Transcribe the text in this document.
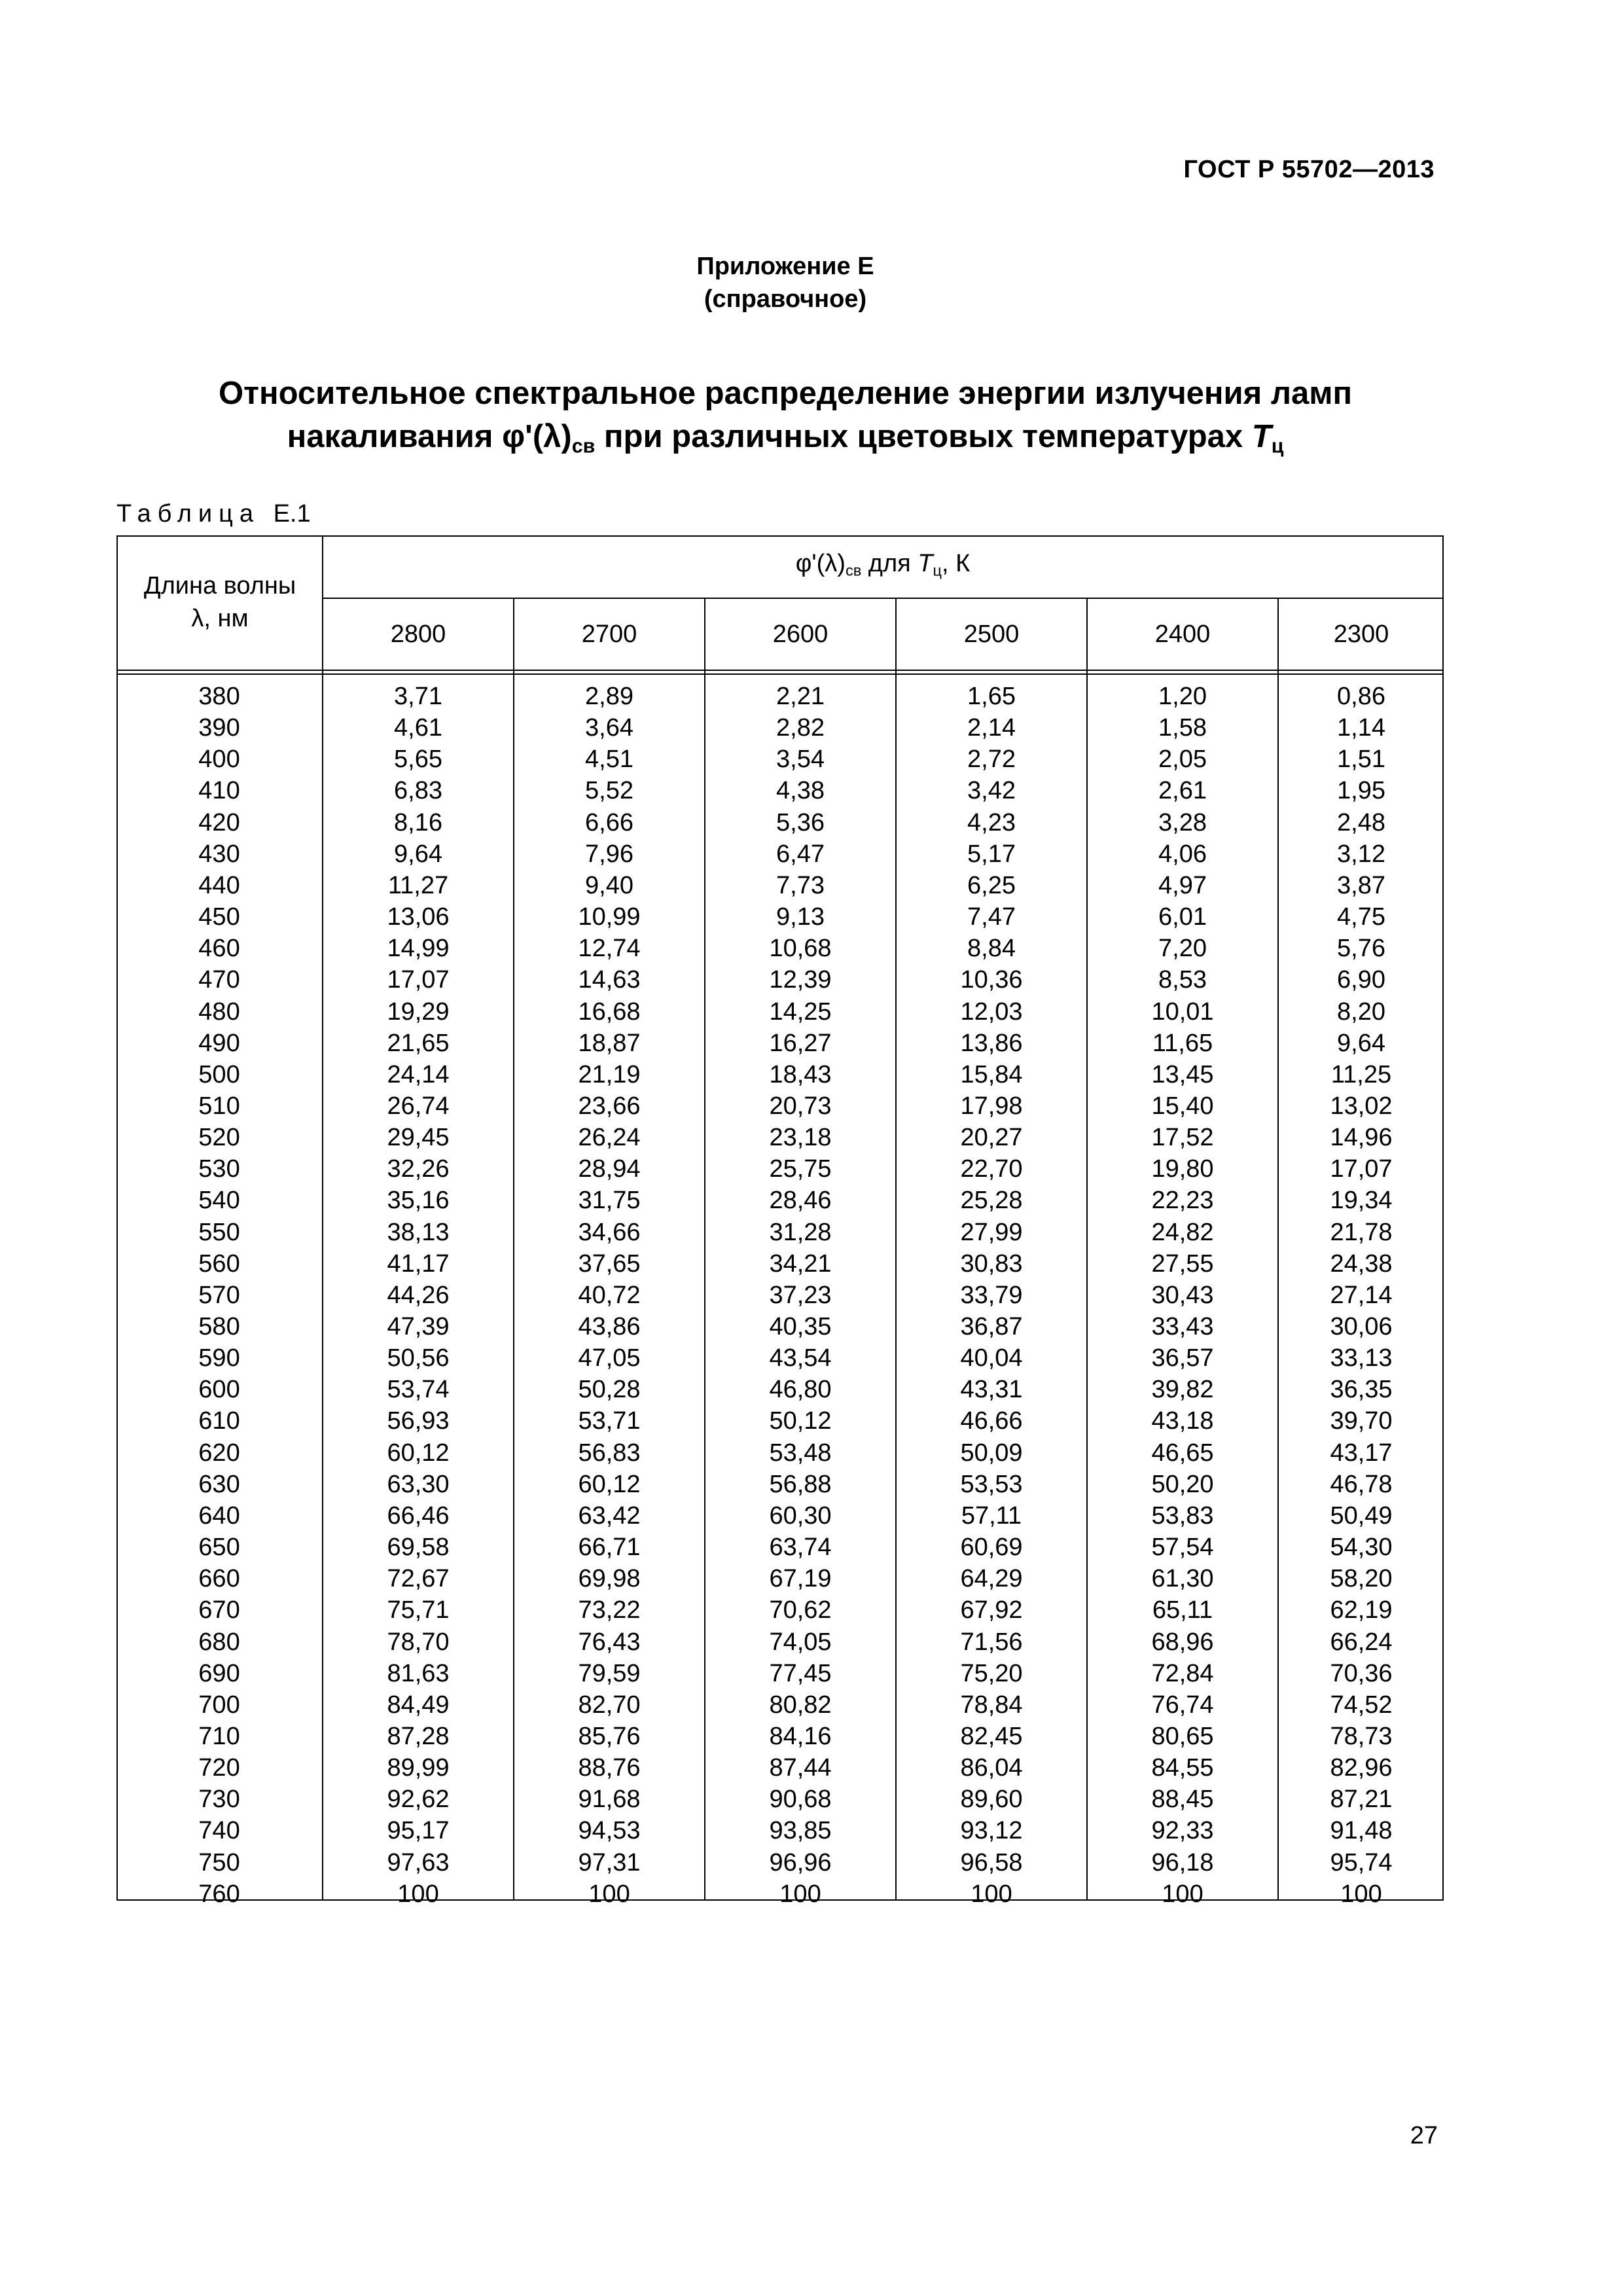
ГОСТ Р 55702—2013
Приложение Е
(справочное)
Относительное спектральное распределение энергии излучения ламп
накаливания $\varphi'(\lambda)_{св}$ при различных цветовых температурах $T_ц$
Таблица Е.1
Длина волны
λ, нм
$\varphi'(\lambda)_{св}$ для $T_ц$, К
2800	2700	2600	2500	2400	2300
380	3,71	2,89	2,21	1,65	1,20	0,86
390	4,61	3,64	2,82	2,14	1,58	1,14
400	5,65	4,51	3,54	2,72	2,05	1,51
410	6,83	5,52	4,38	3,42	2,61	1,95
420	8,16	6,66	5,36	4,23	3,28	2,48
430	9,64	7,96	6,47	5,17	4,06	3,12
440	11,27	9,40	7,73	6,25	4,97	3,87
450	13,06	10,99	9,13	7,47	6,01	4,75
460	14,99	12,74	10,68	8,84	7,20	5,76
470	17,07	14,63	12,39	10,36	8,53	6,90
480	19,29	16,68	14,25	12,03	10,01	8,20
490	21,65	18,87	16,27	13,86	11,65	9,64
500	24,14	21,19	18,43	15,84	13,45	11,25
510	26,74	23,66	20,73	17,98	15,40	13,02
520	29,45	26,24	23,18	20,27	17,52	14,96
530	32,26	28,94	25,75	22,70	19,80	17,07
540	35,16	31,75	28,46	25,28	22,23	19,34
550	38,13	34,66	31,28	27,99	24,82	21,78
560	41,17	37,65	34,21	30,83	27,55	24,38
570	44,26	40,72	37,23	33,79	30,43	27,14
580	47,39	43,86	40,35	36,87	33,43	30,06
590	50,56	47,05	43,54	40,04	36,57	33,13
600	53,74	50,28	46,80	43,31	39,82	36,35
610	56,93	53,71	50,12	46,66	43,18	39,70
620	60,12	56,83	53,48	50,09	46,65	43,17
630	63,30	60,12	56,88	53,53	50,20	46,78
640	66,46	63,42	60,30	57,11	53,83	50,49
650	69,58	66,71	63,74	60,69	57,54	54,30
660	72,67	69,98	67,19	64,29	61,30	58,20
670	75,71	73,22	70,62	67,92	65,11	62,19
680	78,70	76,43	74,05	71,56	68,96	66,24
690	81,63	79,59	77,45	75,20	72,84	70,36
700	84,49	82,70	80,82	78,84	76,74	74,52
710	87,28	85,76	84,16	82,45	80,65	78,73
720	89,99	88,76	87,44	86,04	84,55	82,96
730	92,62	91,68	90,68	89,60	88,45	87,21
740	95,17	94,53	93,85	93,12	92,33	91,48
750	97,63	97,31	96,96	96,58	96,18	95,74
760	100	100	100	100	100	100
27
